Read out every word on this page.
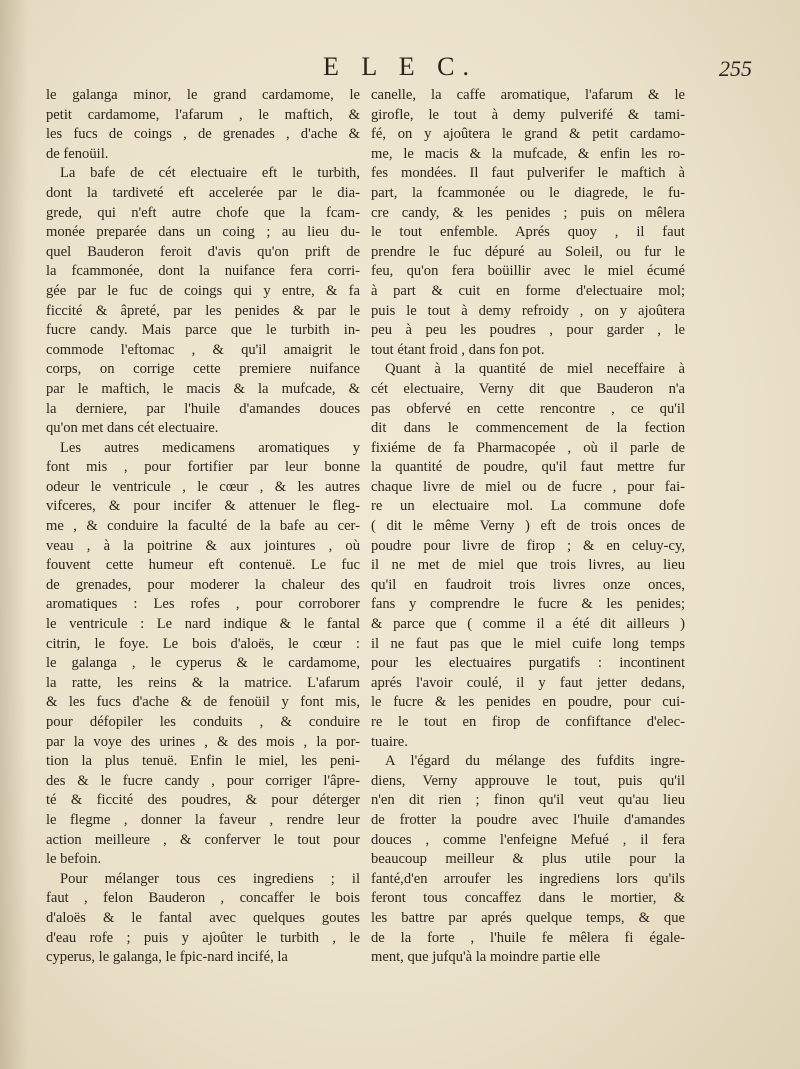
E L E C.	255
le galanga minor, le grand cardamome, le
petit cardamome, l'afarum , le maftich, &
les fucs de coings , de grenades , d'ache &
de fenoüil.
La bafe de cét electuaire eft le turbith,
dont la tardiveté eft accelerée par le dia-
grede, qui n'eft autre chofe que la fcam-
monée preparée dans un coing ; au lieu du-
quel Bauderon feroit d'avis qu'on prift de
la fcammonée, dont la nuifance fera corri-
gée par le fuc de coings qui y entre, & fa
ficcité & âpreté, par les penides & par le
fucre candy. Mais parce que le turbith in-
commode l'eftomac , & qu'il amaigrit le
corps, on corrige cette premiere nuifance
par le maftich, le macis & la mufcade, &
la derniere, par l'huile d'amandes douces
qu'on met dans cét electuaire.
Les autres medicamens aromatiques y
font mis , pour fortifier par leur bonne
odeur le ventricule , le cœur , & les autres
vifceres, & pour incifer & attenuer le fleg-
me , & conduire la faculté de la bafe au cer-
veau , à la poitrine & aux jointures , où
fouvent cette humeur eft contenuë. Le fuc
de grenades, pour moderer la chaleur des
aromatiques : Les rofes , pour corroborer
le ventricule : Le nard indique & le fantal
citrin, le foye. Le bois d'aloës, le cœur :
le galanga , le cyperus & le cardamome,
la ratte, les reins & la matrice. L'afarum
& les fucs d'ache & de fenoüil y font mis,
pour défopiler les conduits , & conduire
par la voye des urines , & des mois , la por-
tion la plus tenuë. Enfin le miel, les peni-
des & le fucre candy , pour corriger l'âpre-
té & ficcité des poudres, & pour déterger
le flegme , donner la faveur , rendre leur
action meilleure , & conferver le tout pour
le befoin.
Pour mélanger tous ces ingrediens ; il
faut , felon Bauderon , concaffer le bois
d'aloës & le fantal avec quelques goutes
d'eau rofe ; puis y ajoûter le turbith , le
cyperus, le galanga, le fpic-nard incifé, la
canelle, la caffe aromatique, l'afarum & le
girofle, le tout à demy pulverifé & tami-
fé, on y ajoûtera le grand & petit cardamo-
me, le macis & la mufcade, & enfin les ro-
fes mondées. Il faut pulverifer le maftich à
part, la fcammonée ou le diagrede, le fu-
cre candy, & les penides ; puis on mêlera
le tout enfemble. Aprés quoy , il faut
prendre le fuc dépuré au Soleil, ou fur le
feu, qu'on fera boüillir avec le miel écumé
à part & cuit en forme d'electuaire mol;
puis le tout à demy refroidy , on y ajoûtera
peu à peu les poudres , pour garder , le
tout étant froid , dans fon pot.
Quant à la quantité de miel neceffaire à
cét electuaire, Verny dit que Bauderon n'a
pas obfervé en cette rencontre , ce qu'il
dit dans le commencement de la fection
fixiéme de fa Pharmacopée , où il parle de
la quantité de poudre, qu'il faut mettre fur
chaque livre de miel ou de fucre , pour fai-
re un electuaire mol. La commune dofe
( dit le même Verny ) eft de trois onces de
poudre pour livre de firop ; & en celuy-cy,
il ne met de miel que trois livres, au lieu
qu'il en faudroit trois livres onze onces,
fans y comprendre le fucre & les penides;
& parce que ( comme il a été dit ailleurs )
il ne faut pas que le miel cuife long temps
pour les electuaires purgatifs : incontinent
aprés l'avoir coulé, il y faut jetter dedans,
le fucre & les penides en poudre, pour cui-
re le tout en firop de confiftance d'elec-
tuaire.
A l'égard du mélange des fufdits ingre-
diens, Verny approuve le tout, puis qu'il
n'en dit rien ; finon qu'il veut qu'au lieu
de frotter la poudre avec l'huile d'amandes
douces , comme l'enfeigne Mefué , il fera
beaucoup meilleur & plus utile pour la
fanté,d'en arroufer les ingrediens lors qu'ils
feront tous concaffez dans le mortier, &
les battre par aprés quelque temps, & que
de la forte , l'huile fe mêlera fi égale-
ment, que jufqu'à la moindre partie elle
